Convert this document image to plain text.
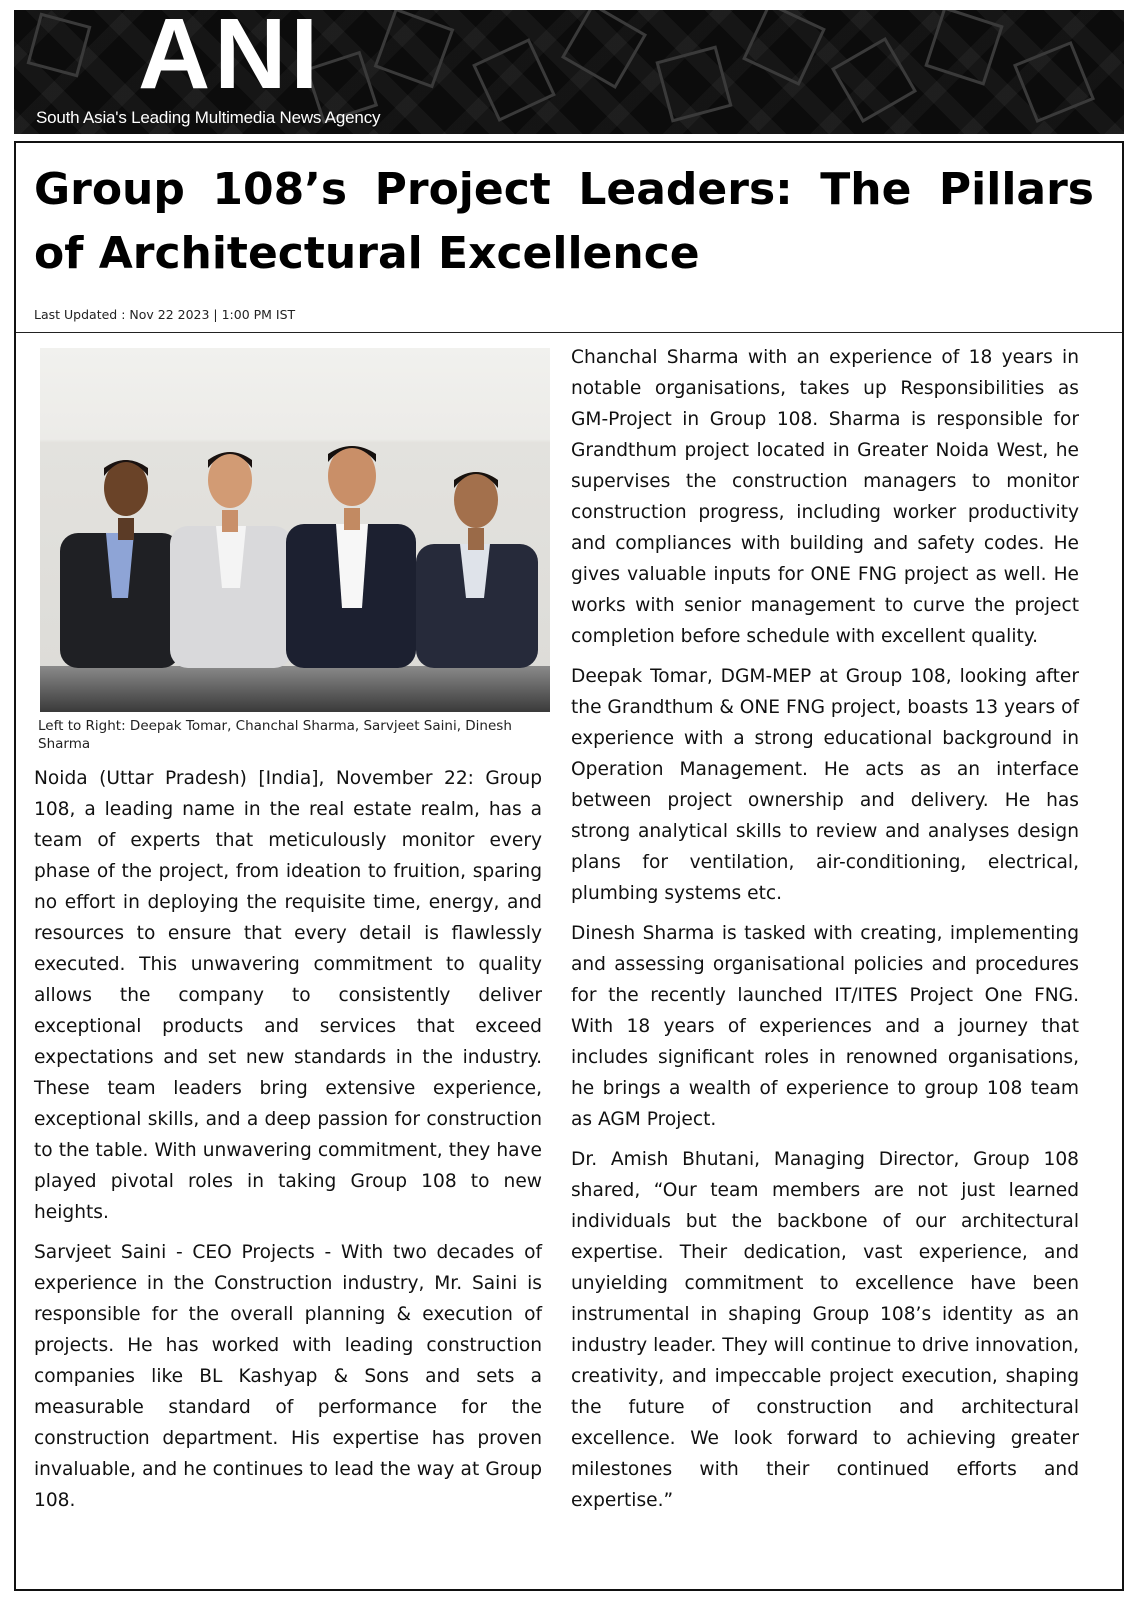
ANI
South Asia's Leading Multimedia News Agency
Group 108’s Project Leaders: The Pillars of Architectural Excellence
Last Updated : Nov 22 2023 | 1:00 PM IST
Left to Right: Deepak Tomar, Chanchal Sharma, Sarvjeet Saini, Dinesh Sharma

Noida (Uttar Pradesh) [India], November 22: Group 108, a leading name in the real estate realm, has a team of experts that meticulously monitor every phase of the project, from ideation to fruition, sparing no effort in deploying the requisite time, energy, and resources to ensure that every detail is flawlessly executed. This unwavering commitment to quality allows the company to consistently deliver exceptional products and services that exceed expectations and set new standards in the industry. These team leaders bring extensive experience, exceptional skills, and a deep passion for construction to the table. With unwavering commitment, they have played pivotal roles in taking Group 108 to new heights.

Sarvjeet Saini - CEO Projects - With two decades of experience in the Construction industry, Mr. Saini is responsible for the overall planning & execution of projects. He has worked with leading construction companies like BL Kashyap & Sons and sets a measurable standard of performance for the construction department. His expertise has proven invaluable, and he continues to lead the way at Group 108.

Chanchal Sharma with an experience of 18 years in notable organisations, takes up Responsibilities as GM-Project in Group 108. Sharma is responsible for Grandthum project located in Greater Noida West, he supervises the construction managers to monitor construction progress, including worker productivity and compliances with building and safety codes. He gives valuable inputs for ONE FNG project as well. He works with senior management to curve the project completion before schedule with excellent quality.

Deepak Tomar, DGM-MEP at Group 108, looking after the Grandthum & ONE FNG project, boasts 13 years of experience with a strong educational background in Operation Management. He acts as an interface between project ownership and delivery. He has strong analytical skills to review and analyses design plans for ventilation, air-conditioning, electrical, plumbing systems etc.

Dinesh Sharma is tasked with creating, implementing and assessing organisational policies and procedures for the recently launched IT/ITES Project One FNG. With 18 years of experiences and a journey that includes significant roles in renowned organisations, he brings a wealth of experience to group 108 team as AGM Project.

Dr. Amish Bhutani, Managing Director, Group 108 shared, “Our team members are not just learned individuals but the backbone of our architectural expertise. Their dedication, vast experience, and unyielding commitment to excellence have been instrumental in shaping Group 108’s identity as an industry leader. They will continue to drive innovation, creativity, and impeccable project execution, shaping the future of construction and architectural excellence. We look forward to achieving greater milestones with their continued efforts and expertise.”
